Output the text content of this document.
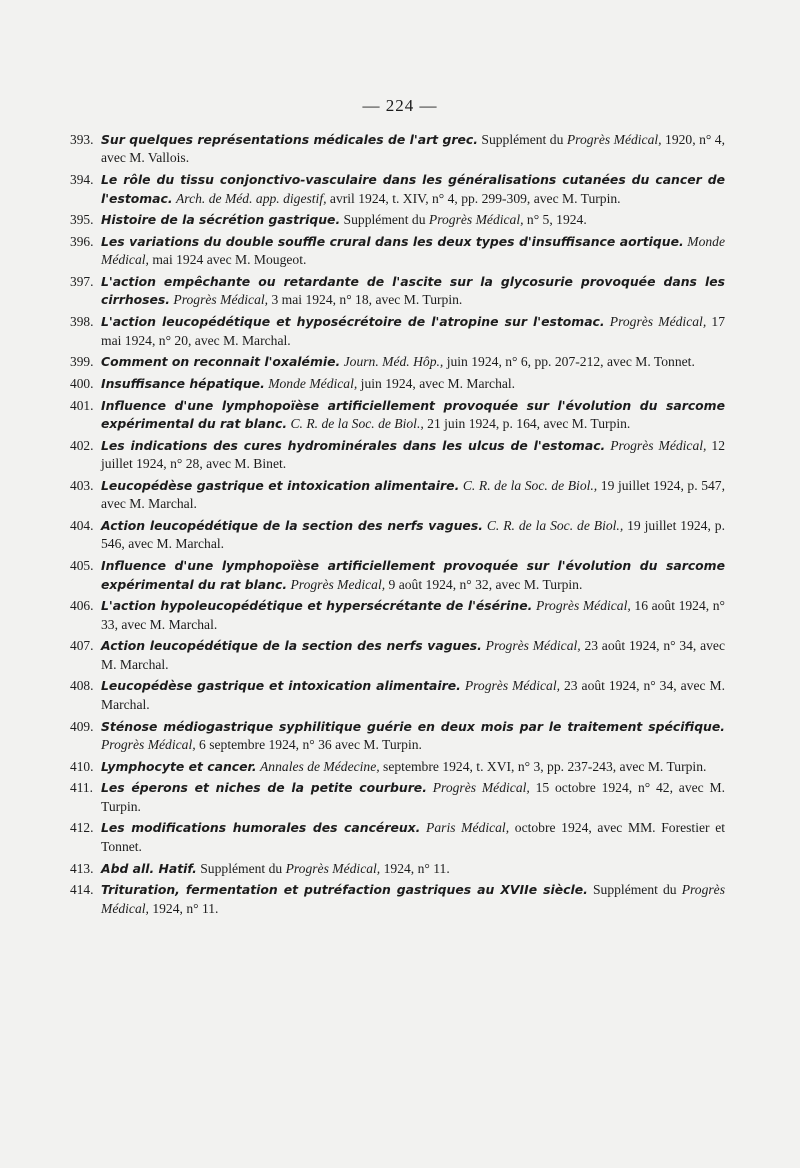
— 224 —
393. Sur quelques représentations médicales de l'art grec. Supplément du Progrès Médical, 1920, n° 4, avec M. Vallois.
394. Le rôle du tissu conjonctivo-vasculaire dans les généralisations cutanées du cancer de l'estomac. Arch. de Méd. app. digestif, avril 1924, t. XIV, n° 4, pp. 299-309, avec M. Turpin.
395. Histoire de la sécrétion gastrique. Supplément du Progrès Médical, n° 5, 1924.
396. Les variations du double souffle crural dans les deux types d'insuffisance aortique. Monde Médical, mai 1924 avec M. Mougeot.
397. L'action empêchante ou retardante de l'ascite sur la glycosurie provoquée dans les cirrhoses. Progrès Médical, 3 mai 1924, n° 18, avec M. Turpin.
398. L'action leucopédétique et hyposécrétoire de l'atropine sur l'estomac. Progrès Médical, 17 mai 1924, n° 20, avec M. Marchal.
399. Comment on reconnait l'oxalémie. Journ. Méd. Hôp., juin 1924, n° 6, pp. 207-212, avec M. Tonnet.
400. Insuffisance hépatique. Monde Médical, juin 1924, avec M. Marchal.
401. Influence d'une lymphopoïèse artificiellement provoquée sur l'évolution du sarcome expérimental du rat blanc. C. R. de la Soc. de Biol., 21 juin 1924, p. 164, avec M. Turpin.
402. Les indications des cures hydrominérales dans les ulcus de l'estomac. Progrès Médical, 12 juillet 1924, n° 28, avec M. Binet.
403. Leucopédèse gastrique et intoxication alimentaire. C. R. de la Soc. de Biol., 19 juillet 1924, p. 547, avec M. Marchal.
404. Action leucopédétique de la section des nerfs vagues. C. R. de la Soc. de Biol., 19 juillet 1924, p. 546, avec M. Marchal.
405. Influence d'une lymphopoïèse artificiellement provoquée sur l'évolution du sarcome expérimental du rat blanc. Progrès Medical, 9 août 1924, n° 32, avec M. Turpin.
406. L'action hypoleucopédétique et hypersécrétante de l'ésérine. Progrès Médical, 16 août 1924, n° 33, avec M. Marchal.
407. Action leucopédétique de la section des nerfs vagues. Progrès Médical, 23 août 1924, n° 34, avec M. Marchal.
408. Leucopédèse gastrique et intoxication alimentaire. Progrès Médical, 23 août 1924, n° 34, avec M. Marchal.
409. Sténose médiogastrique syphilitique guérie en deux mois par le traitement spécifique. Progrès Médical, 6 septembre 1924, n° 36 avec M. Turpin.
410. Lymphocyte et cancer. Annales de Médecine, septembre 1924, t. XVI, n° 3, pp. 237-243, avec M. Turpin.
411. Les éperons et niches de la petite courbure. Progrès Médical, 15 octobre 1924, n° 42, avec M. Turpin.
412. Les modifications humorales des cancéreux. Paris Médical, octobre 1924, avec MM. Forestier et Tonnet.
413. Abd all. Hatif. Supplément du Progrès Médical, 1924, n° 11.
414. Trituration, fermentation et putréfaction gastriques au XVIIe siècle. Supplément du Progrès Médical, 1924, n° 11.
